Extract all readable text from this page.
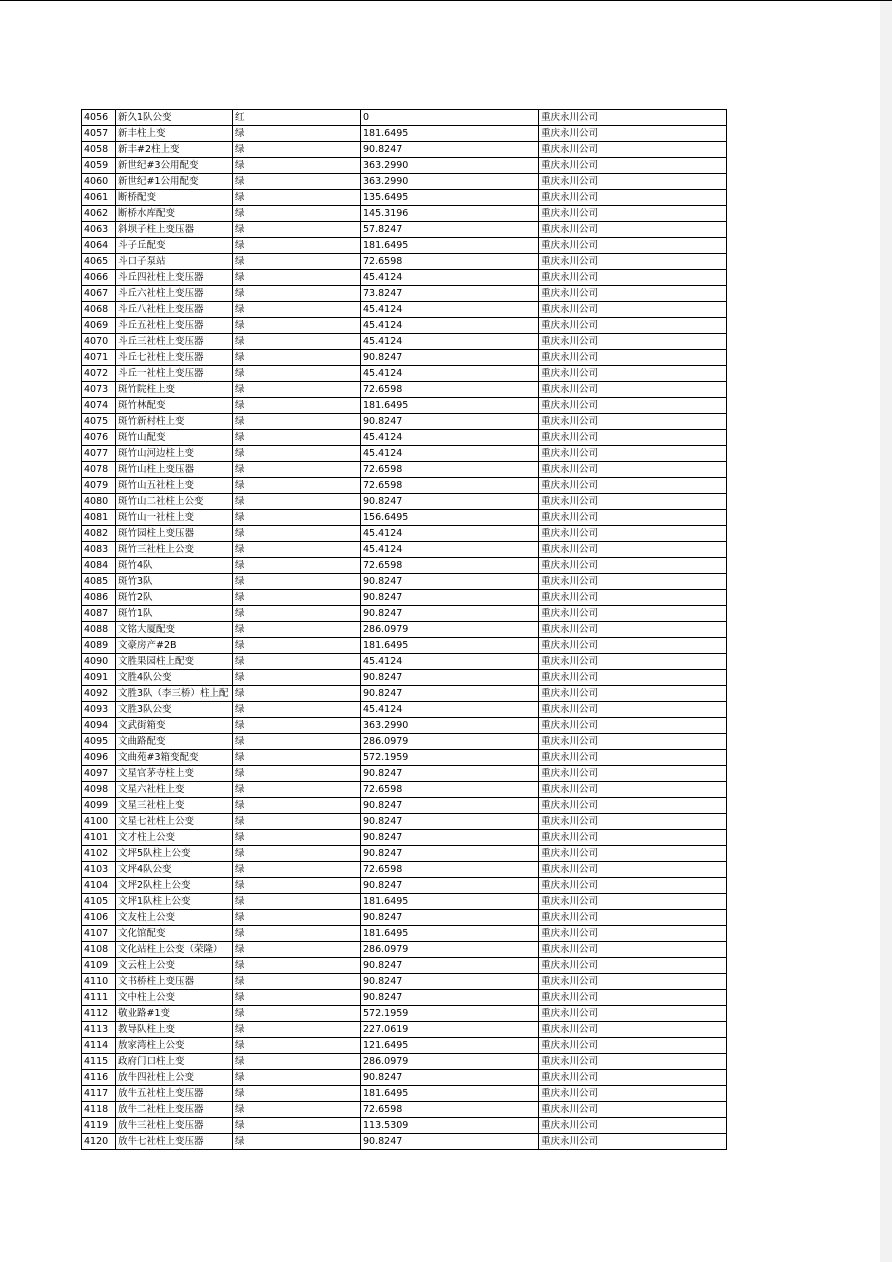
4056	新久1队公变	红	0	重庆永川公司
4057	新丰柱上变	绿	181.6495	重庆永川公司
4058	新丰#2柱上变	绿	90.8247	重庆永川公司
4059	新世纪#3公用配变	绿	363.2990	重庆永川公司
4060	新世纪#1公用配变	绿	363.2990	重庆永川公司
4061	断桥配变	绿	135.6495	重庆永川公司
4062	断桥水库配变	绿	145.3196	重庆永川公司
4063	斜坝子柱上变压器	绿	57.8247	重庆永川公司
4064	斗子丘配变	绿	181.6495	重庆永川公司
4065	斗口子泵站	绿	72.6598	重庆永川公司
4066	斗丘四社柱上变压器	绿	45.4124	重庆永川公司
4067	斗丘六社柱上变压器	绿	73.8247	重庆永川公司
4068	斗丘八社柱上变压器	绿	45.4124	重庆永川公司
4069	斗丘五社柱上变压器	绿	45.4124	重庆永川公司
4070	斗丘三社柱上变压器	绿	45.4124	重庆永川公司
4071	斗丘七社柱上变压器	绿	90.8247	重庆永川公司
4072	斗丘一社柱上变压器	绿	45.4124	重庆永川公司
4073	斑竹院柱上变	绿	72.6598	重庆永川公司
4074	斑竹林配变	绿	181.6495	重庆永川公司
4075	斑竹新村柱上变	绿	90.8247	重庆永川公司
4076	斑竹山配变	绿	45.4124	重庆永川公司
4077	斑竹山河边柱上变	绿	45.4124	重庆永川公司
4078	斑竹山柱上变压器	绿	72.6598	重庆永川公司
4079	斑竹山五社柱上变	绿	72.6598	重庆永川公司
4080	斑竹山二社柱上公变	绿	90.8247	重庆永川公司
4081	斑竹山一社柱上变	绿	156.6495	重庆永川公司
4082	斑竹园柱上变压器	绿	45.4124	重庆永川公司
4083	斑竹三社柱上公变	绿	45.4124	重庆永川公司
4084	斑竹4队	绿	72.6598	重庆永川公司
4085	斑竹3队	绿	90.8247	重庆永川公司
4086	斑竹2队	绿	90.8247	重庆永川公司
4087	斑竹1队	绿	90.8247	重庆永川公司
4088	文铭大厦配变	绿	286.0979	重庆永川公司
4089	文豪房产#2B	绿	181.6495	重庆永川公司
4090	文胜果园柱上配变	绿	45.4124	重庆永川公司
4091	文胜4队公变	绿	90.8247	重庆永川公司
4092	文胜3队（李三桥）柱上配	绿	90.8247	重庆永川公司
4093	文胜3队公变	绿	45.4124	重庆永川公司
4094	文武街箱变	绿	363.2990	重庆永川公司
4095	文曲路配变	绿	286.0979	重庆永川公司
4096	文曲苑#3箱变配变	绿	572.1959	重庆永川公司
4097	文星官茅寺柱上变	绿	90.8247	重庆永川公司
4098	文星六社柱上变	绿	72.6598	重庆永川公司
4099	文星三社柱上变	绿	90.8247	重庆永川公司
4100	文星七社柱上公变	绿	90.8247	重庆永川公司
4101	文才柱上公变	绿	90.8247	重庆永川公司
4102	文坪5队柱上公变	绿	90.8247	重庆永川公司
4103	文坪4队公变	绿	72.6598	重庆永川公司
4104	文坪2队柱上公变	绿	90.8247	重庆永川公司
4105	文坪1队柱上公变	绿	181.6495	重庆永川公司
4106	文友柱上公变	绿	90.8247	重庆永川公司
4107	文化馆配变	绿	181.6495	重庆永川公司
4108	文化站柱上公变（荣隆）	绿	286.0979	重庆永川公司
4109	文云柱上公变	绿	90.8247	重庆永川公司
4110	文书桥柱上变压器	绿	90.8247	重庆永川公司
4111	文中柱上公变	绿	90.8247	重庆永川公司
4112	敬业路#1变	绿	572.1959	重庆永川公司
4113	教导队柱上变	绿	227.0619	重庆永川公司
4114	敖家湾柱上公变	绿	121.6495	重庆永川公司
4115	政府门口柱上变	绿	286.0979	重庆永川公司
4116	放牛四社柱上公变	绿	90.8247	重庆永川公司
4117	放牛五社柱上变压器	绿	181.6495	重庆永川公司
4118	放牛二社柱上变压器	绿	72.6598	重庆永川公司
4119	放牛三社柱上变压器	绿	113.5309	重庆永川公司
4120	放牛七社柱上变压器	绿	90.8247	重庆永川公司
